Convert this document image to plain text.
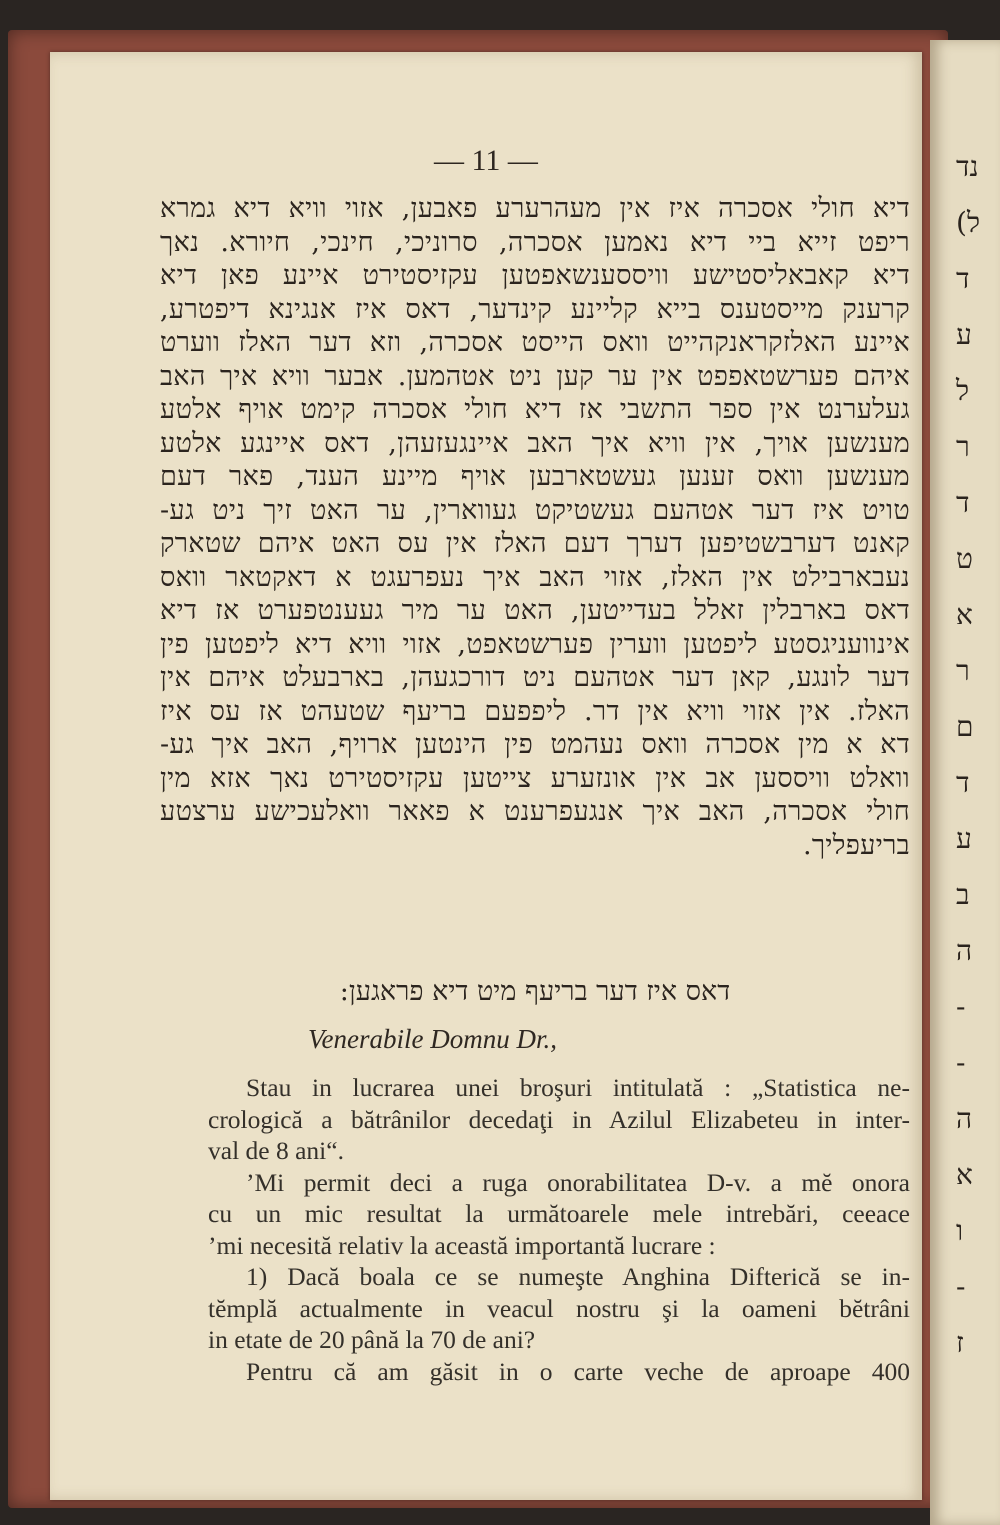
נד
(ל
ד
ע
ל
ר
ד
ט
א
ר
ם
ד
ע
ב
ה
-
-
ה
א
ו
-
ז
— 11 —
דיא חולי אסכרה איז אין מעהרערע פאבען, אזוי וויא דיא גמרא
ריפט זייא ביי דיא נאמען אסכרה, סרוניכי, חינכי, חיורא. נאך
דיא קאבאליסטישע וויססענשאפטען עקזיסטירט איינע פאן דיא
קרענק מייסטענס בייא קליינע קינדער, דאס איז אנגינא דיפטרע,
איינע האלזקראנקהייט וואס הייסט אסכרה, וזא דער האלז ווערט
איהם פערשטאפפט אין ער קען ניט אטהמען. אבער וויא איך האב
געלערנט אין ספר התשבי אז דיא חולי אסכרה קימט אויף אלטע
מענשען אויך, אין וויא איך האב איינגעזעהן, דאס איינגע אלטע
מענשען וואס זענען געשטארבען אויף מיינע הענד, פאר דעם
טויט איז דער אטהעם געשטיקט געווארין, ער האט זיך ניט גע-
קאנט דערבשטיפען דערך דעם האלז אין עס האט איהם שטארק
נעבארבילט אין האלז, אזוי האב איך נעפרעגט א דאקטאר וואס
דאס בארבלין זאלל בעדייטען, האט ער מיר געענטפערט אז דיא
אינוועניגסטע ליפטען ווערין פערשטאפט, אזוי וויא דיא ליפטען פין
דער לונגע, קאן דער אטהעם ניט דורכגעהן, בארבעלט איהם אין
האלז. אין אזוי וויא אין דר. ליפפעם בריעף שטעהט אז עס איז
דא א מין אסכרה וואס נעהמט פין הינטען ארויף, האב איך גע-
וואלט וויססען אב אין אונזערע צייטען עקזיסטירט נאך אזא מין
חולי אסכרה, האב איך אנגעפרענט א פאאר וואלעכישע ערצטע
בריעפליך.
דאס איז דער בריעף מיט דיא פראגען:
Venerabile Domnu Dr.,
Stau in lucrarea unei broşuri intitulată : „Statistica ne-
crologică a bătrânilor decedaţi in Azilul Elizabeteu in inter-
val de 8 ani“.
’Mi permit deci a ruga onorabilitatea D-v. a mĕ onora
cu un mic resultat la următoarele mele intrebări, ceeace
’mi necesită relativ la această importantă lucrare :
1) Dacă boala ce se numeşte Anghina Difterică se in-
tĕmplă actualmente in veacul nostru şi la oameni bĕtrâni
in etate de 20 până la 70 de ani?
Pentru că am găsit in o carte veche de aproape 400
